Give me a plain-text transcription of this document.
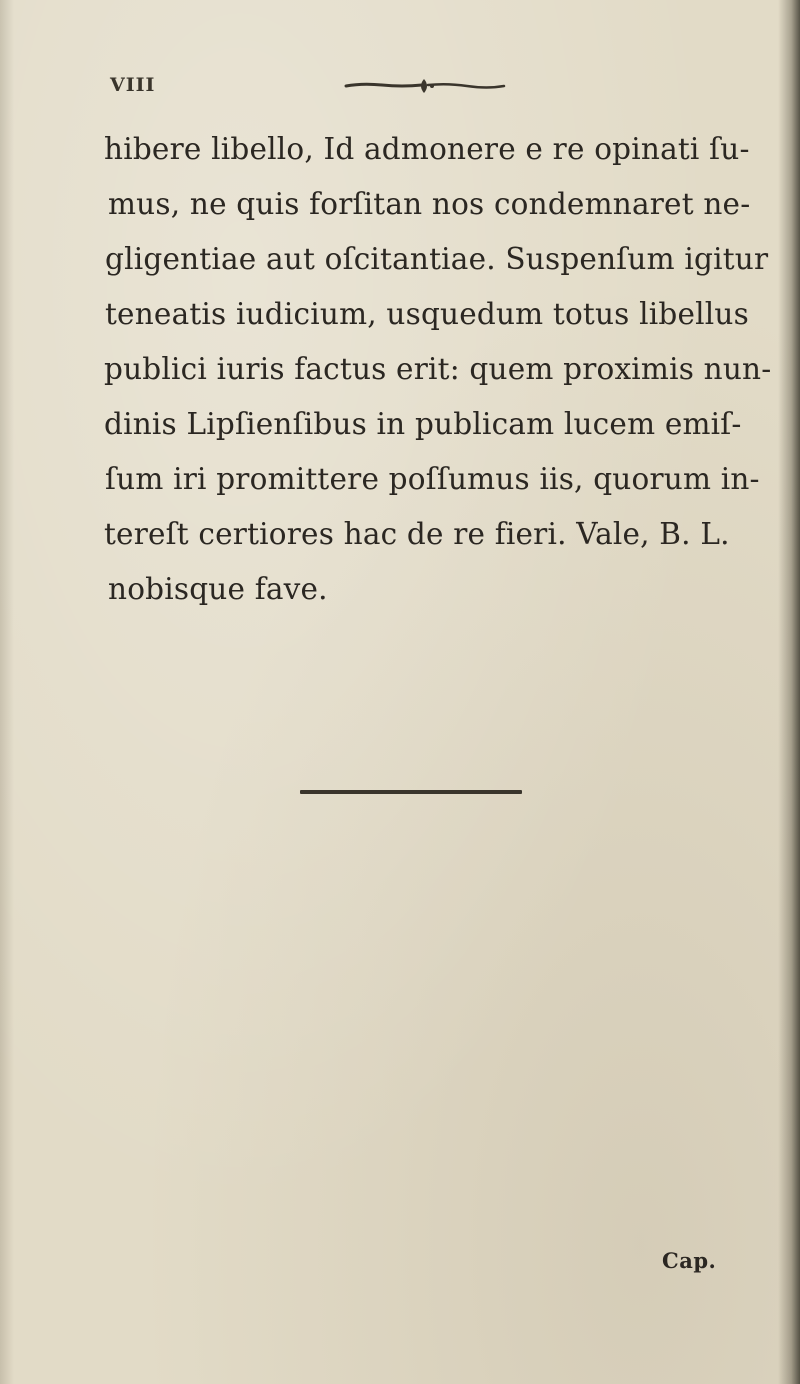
VIII
hibere libello, Id admonere e re opinati ſu-
mus, ne quis forſitan nos condemnaret ne-
gligentiae aut oſcitantiae. Suspenſum igitur
teneatis iudicium, usquedum totus libellus
publici iuris factus erit: quem proximis nun-
dinis Lipſienſibus in publicam lucem emiſ-
ſum iri promittere poſſumus iis, quorum in-
tereſt certiores hac de re fieri. Vale, B. L.
nobisque fave.
Cap.
